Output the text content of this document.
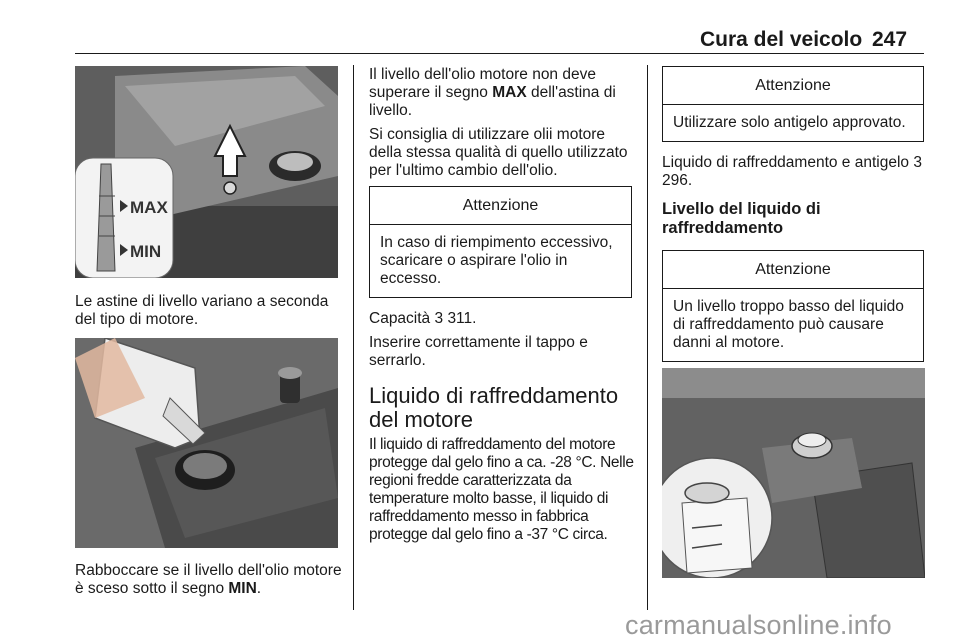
Cura del veicolo 247
MAX
MIN

Le astine di livello variano a seconda del tipo di motore.

Rabboccare se il livello dell'olio motore è sceso sotto il segno MIN.

Il livello dell'olio motore non deve superare il segno MAX dell'astina di livello.

Si consiglia di utilizzare olii motore della stessa qualità di quello utilizzato per l'ultimo cambio dell'olio.

Attenzione
In caso di riempimento eccessivo, scaricare o aspirare l'olio in eccesso.

Capacità 3 311.

Inserire correttamente il tappo e serrarlo.

Liquido di raffreddamento del motore

Il liquido di raffreddamento del motore protegge dal gelo fino a ca. -28 °C. Nelle regioni fredde caratterizzata da temperature molto basse, il liquido di raffreddamento messo in fabbrica protegge dal gelo fino a -37 °C circa.

Attenzione
Utilizzare solo antigelo approvato.

Liquido di raffreddamento e antigelo 3 296.

Livello del liquido di raffreddamento
Attenzione
Un livello troppo basso del liquido di raffreddamento può causare danni al motore.
carmanualsonline.info
